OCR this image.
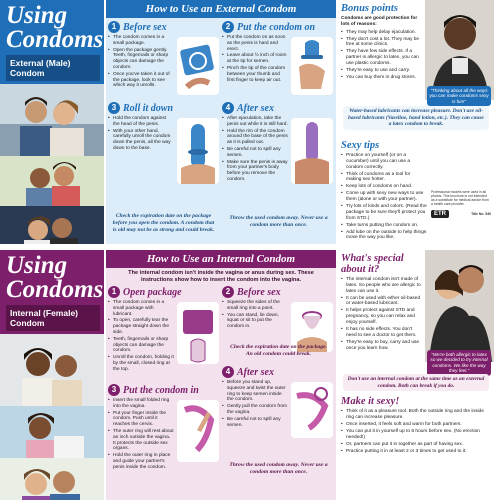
Using
Condoms
External (Male) Condom
How to Use an External Condom
1 Before sex
• The condom comes in a small package.
• Open the package gently. Teeth, fingernails or sharp objects can damage the condom.
• Once you've taken it out of the package, look to see which way it unrolls.
2 Put the condom on
• Put the condom on as soon as the penis is hard and erect.
• Leave about ½ inch of room at the tip for semen.
• Pinch the tip of the condom between your thumb and first finger to keep air out.
3 Roll it down
• Hold the condom against the head of the penis.
• With your other hand, carefully unroll the condom down the penis, all the way down to the base.
4 After sex
• After ejaculation, take the penis out while it is still hard.
• Hold the rim of the condom around the base of the penis as it is pulled out.
• Be careful not to spill any semen.
• Make sure the penis is away from your partner's body before you remove the condom.
Check the expiration date on the package before you open the condom. A condom that is old may not be as strong and could break.
Throw the used condom away. Never use a condom more than once.
Bonus points
Condoms are good protection for lots of reasons:
• They may help delay ejaculation.
• They don't cost a lot. They may be free at some clinics.
• They have few side effects. If a partner is allergic to latex, you can use plastic condoms.
• They're easy to use and carry.
• You can buy them in drug stores.
"Thinking about all the ways you can make condoms sexy is fun!"
Water-based lubricants can increase pleasure. Don't use oil-based lubricants (Vaseline, hand lotion, etc.). They can cause a latex condom to break.
Sexy tips
• Practice on yourself (or on a cucumber) until you can use a condom correctly.
• Think of condoms as a tool for making sex hotter.
• Keep lots of condoms on hand.
• Come up with sexy new ways to use them (alone or with your partner).
• Try lots of kinds and colors. (Read the package to be sure they'll protect you from STD.)
• Take turns putting the condom on.
• Add lube on the outside to help things move the way you like.
Professional models were used in all photos. This brochure is not intended as a substitute for medical advice from a health care provider.
ETR	Title No. 540
Using
Condoms
Internal (Female) Condom
How to Use an Internal Condom
The internal condom isn't inside the vagina or anus during sex. These instructions show how to insert the condom into the vagina.
1 Open package
• The condom comes in a small package with lubricant.
• To open, carefully tear the package straight down the side.
• Teeth, fingernails or sharp objects can damage the condom.
• Unroll the condom, holding it by the small, closed ring at the top.
2 Before sex
• Squeeze the sides of the small ring into a point.
• You can stand, lie down, squat or sit to put the condom in.
Check the expiration date on the package. An old condom could break.
3 Put the condom in
• Insert the small folded ring into the vagina.
• Put your finger inside the condom. Push until it reaches the cervix.
• The outer ring will rest about an inch outside the vagina. It protects the outside sex organs.
• Hold the outer ring in place and guide your partner's penis inside the condom.
4 After sex
• Before you stand up, squeeze and twist the outer ring to keep semen inside the condom.
• Gently pull the condom from the vagina.
• Be careful not to spill any semen.
Throw the used condom away. Never use a condom more than once.
What's special about it?
• The internal condom isn't made of latex. So people who are allergic to latex can use it.
• It can be used with either oil-based or water-based lubricant.
• It helps protect against STD and pregnancy, so you can relax and enjoy yourself.
• It has no side effects. You don't need to see a doctor to get them.
• They're easy to buy, carry and use once you learn how.
"We're both allergic to latex so we decided to try internal condoms. We like the way they feel."
Don't use an internal condom at the same time as an external condom. Both can break if you do.
Make it sexy!
• Think of it as a pleasure tool. Both the outside ring and the inside ring can increase pleasure.
• Once inserted, it feels soft and warm for both partners.
• You can put it in yourself up to 8 hours before sex. (No erection needed!)
• Or, partners can put it in together as part of having sex.
• Practice putting it in at least 2 or 3 times to get used to it.
